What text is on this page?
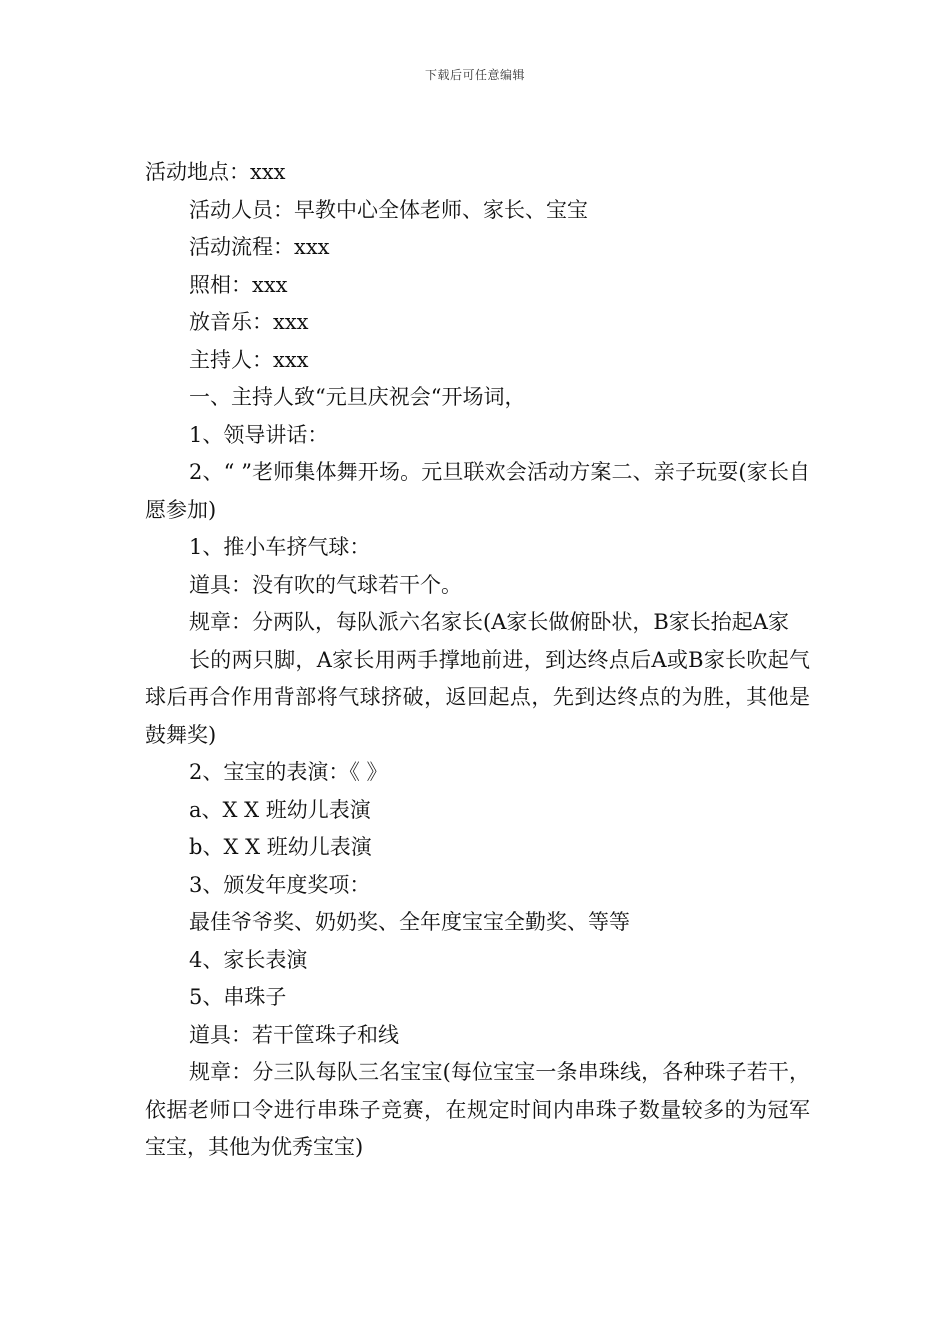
下载后可任意编辑

活动地点：xxx

活动人员：早教中心全体老师、家长、宝宝

活动流程：xxx

照相：xxx

放音乐：xxx

主持人：xxx

一、主持人致“元旦庆祝会“开场词，

1、领导讲话：

2、“ ”老师集体舞开场。元旦联欢会活动方案二、亲子玩耍(家长自愿参加)

1、推小车挤气球：

道具：没有吹的气球若干个。

规章：分两队，每队派六名家长(A家长做俯卧状，B家长抬起A家

长的两只脚，A家长用两手撑地前进，到达终点后A或B家长吹起气球后再合作用背部将气球挤破，返回起点，先到达终点的为胜，其他是鼓舞奖)

2、宝宝的表演：《 》

a、X X 班幼儿表演

b、X X 班幼儿表演

3、颁发年度奖项：

最佳爷爷奖、奶奶奖、全年度宝宝全勤奖、等等

4、家长表演

5、串珠子

道具：若干筐珠子和线

规章：分三队每队三名宝宝(每位宝宝一条串珠线，各种珠子若干，依据老师口令进行串珠子竞赛，在规定时间内串珠子数量较多的为冠军宝宝，其他为优秀宝宝)
